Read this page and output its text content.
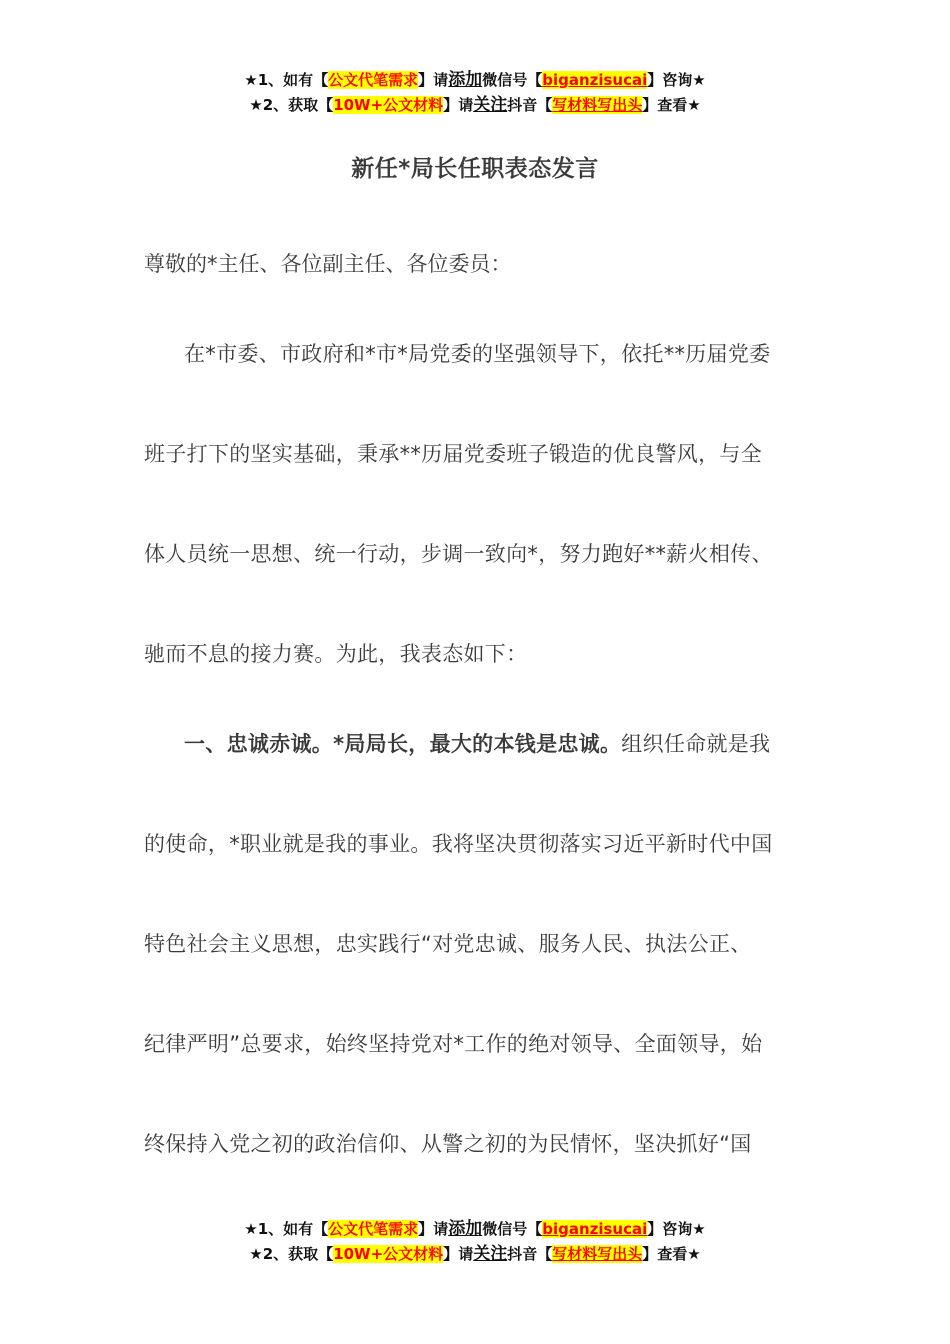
★1、如有【公文代笔需求】请添加微信号【biganzisucai】咨询★
★2、获取【10W+公文材料】请关注抖音【写材料写出头】查看★
新任*局长任职表态发言
尊敬的*主任、各位副主任、各位委员：
在*市委、市政府和*市*局党委的坚强领导下，依托**历届党委
班子打下的坚实基础，秉承**历届党委班子锻造的优良警风，与全
体人员统一思想、统一行动，步调一致向*，努力跑好**薪火相传、
驰而不息的接力赛。为此，我表态如下：
一、忠诚赤诚。*局局长，最大的本钱是忠诚。组织任命就是我
的使命，*职业就是我的事业。我将坚决贯彻落实习近平新时代中国
特色社会主义思想，忠实践行“对党忠诚、服务人民、执法公正、
纪律严明”总要求，始终坚持党对*工作的绝对领导、全面领导，始
终保持入党之初的政治信仰、从警之初的为民情怀，坚决抓好“国
★1、如有【公文代笔需求】请添加微信号【biganzisucai】咨询★
★2、获取【10W+公文材料】请关注抖音【写材料写出头】查看★
